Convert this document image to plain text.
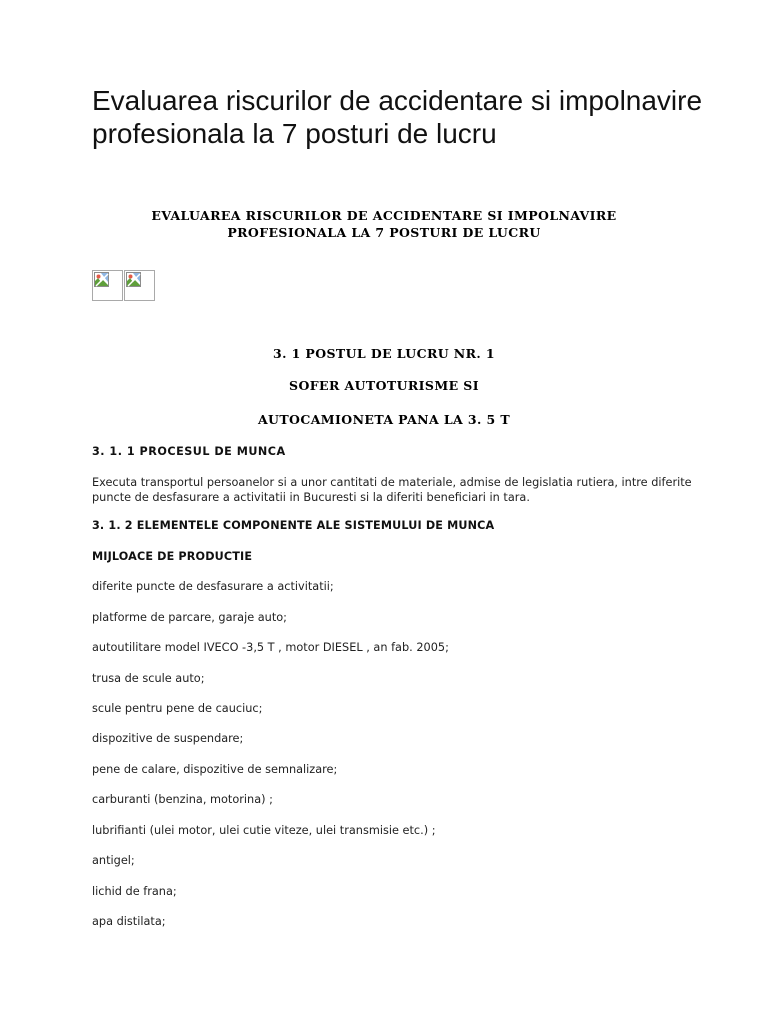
Evaluarea riscurilor de accidentare si impolnavire profesionala la 7 posturi de lucru
EVALUAREA RISCURILOR DE ACCIDENTARE SI IMPOLNAVIRE
PROFESIONALA LA 7 POSTURI DE LUCRU
3. 1 POSTUL DE LUCRU NR. 1
SOFER AUTOTURISME SI
AUTOCAMIONETA PANA LA 3. 5 T
3. 1. 1 PROCESUL DE MUNCA

Executa transportul persoanelor si a unor cantitati de materiale, admise de legislatia rutiera, intre diferite puncte de desfasurare a activitatii in Bucuresti si la diferiti beneficiari in tara.

3. 1. 2 ELEMENTELE COMPONENTE ALE SISTEMULUI DE MUNCA
MIJLOACE DE PRODUCTIE

diferite puncte de desfasurare a activitatii;

platforme de parcare, garaje auto;

autoutilitare model IVECO -3,5 T , motor DIESEL , an fab. 2005;

trusa de scule auto;

scule pentru pene de cauciuc;

dispozitive de suspendare;

pene de calare, dispozitive de semnalizare;

carburanti (benzina, motorina) ;

lubrifianti (ulei motor, ulei cutie viteze, ulei transmisie etc.) ;

antigel;

lichid de frana;

apa distilata;
